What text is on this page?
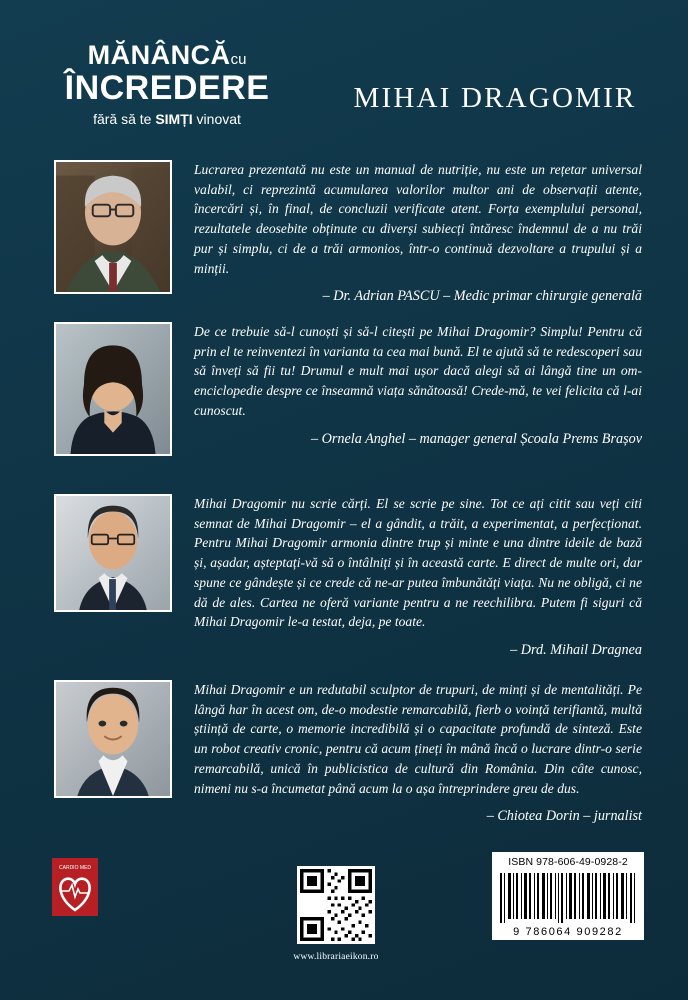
MĂNÂNCĂcu
ÎNCREDERE
fără să te SIMȚI vinovat
MIHAI DRAGOMIR
Lucrarea prezentată nu este un manual de nutriție, nu este un rețetar universal valabil, ci reprezintă acumularea valorilor multor ani de observații atente, încercări și, în final, de concluzii verificate atent. Forța exemplului personal, rezultatele deosebite obținute cu diverși subiecți întăresc îndemnul de a nu trăi pur și simplu, ci de a trăi armonios, într-o continuă dezvoltare a trupului și a minții.
– Dr. Adrian PASCU – Medic primar chirurgie generală
De ce trebuie să-l cunoști și să-l citești pe Mihai Dragomir? Simplu! Pentru că prin el te reinventezi în varianta ta cea mai bună. El te ajută să te redescoperi sau să înveți să fii tu! Drumul e mult mai ușor dacă alegi să ai lângă tine un om-enciclopedie despre ce înseamnă viața sănătoasă! Crede-mă, te vei felicita că l-ai cunoscut.
– Ornela Anghel – manager general Școala Prems Brașov
Mihai Dragomir nu scrie cărți. El se scrie pe sine. Tot ce ați citit sau veți citi semnat de Mihai Dragomir – el a gândit, a trăit, a experimentat, a perfecționat. Pentru Mihai Dragomir armonia dintre trup și minte e una dintre ideile de bază și, așadar, așteptați-vă să o întâlniți și în această carte. E direct de multe ori, dar spune ce gândește și ce crede că ne-ar putea îmbunătăți viața. Nu ne obligă, ci ne dă de ales. Cartea ne oferă variante pentru a ne reechilibra. Putem fi siguri că Mihai Dragomir le-a testat, deja, pe toate.
– Drd. Mihail Dragnea
Mihai Dragomir e un redutabil sculptor de trupuri, de minți și de mentalități. Pe lângă har în acest om, de-o modestie remarcabilă, fierb o voință terifiantă, multă știință de carte, o memorie incredibilă și o capacitate profundă de sinteză. Este un robot creativ cronic, pentru că acum țineți în mână încă o lucrare dintr-o serie remarcabilă, unică în publicistica de cultură din România. Din câte cunosc, nimeni nu s-a încumetat până acum la o așa întreprindere greu de dus.
– Chiotea Dorin – jurnalist
CARDIO MED
www.librariaeikon.ro
ISBN 978-606-49-0928-2
9 786064 909282
